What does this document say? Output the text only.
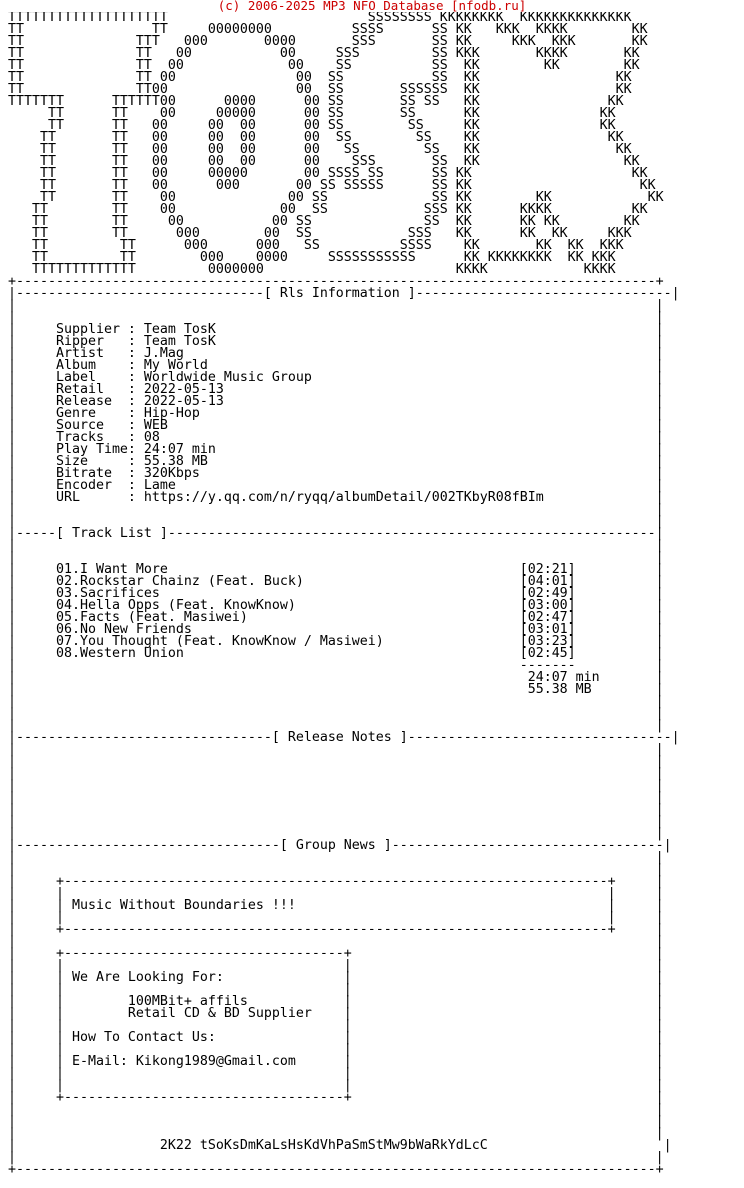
(c) 2006-2025 MP3 NFO Database [nfodb.ru]
TTTTTTTTTTTTTTTTTTTT                         SSSSSSSS KKKKKKKK  KKKKKKKKKKKKKK
TT                TT     00000000          SSSS      SS KK   KKK  KKKK        KK
TT              TTT   000       0000       SSS       SS KK     KKK  KKK       KK
TT              TT   00           00     SSS         SS KKK       KKKK       KK
TT              TT  00             00    SS          SS  KK        KK        KK
TT              TT 00               00  SS           SS  KK                 KK
TT              TT00                00  SS       SSSSSS  KK                 KK
TTTTTTT      TTTTTT00      0000      00 SS       SS SS   KK                KK
TT      TT    00     00000      00 SS       SS      KK               KK
TT      TT   00     00  00      00 SS        SS     KK               KK
TT       TT   00     00  00      00  SS        SS    KK                KK
TT       TT   00     00  00      00   SS        SS   KK                 KK
TT       TT   00     00  00      00    SSS       SS  KK                  KK
TT       TT   00     00000       00 SSSS SS      SS KK                    KK
TT       TT   00      000       00 SS SSSSS      SS KK                     KK
TT       TT    00              00 SS             SS KK        KK            KK
TT        TT    00             00  SS            SSS KK      KKKK          KK
TT        TT     00           00 SS              SS  KK      KK KK        KK
TT        TT      000        00  SS            SSS   KK      KK  KK     KKK
TT         TT      000      000   SS          SSSS    KK       KK  KK  KKK
TT         TT        000    0000     SSSSSSSSSSS      KK KKKKKKKK  KK KKK
TTTTTTTTTTTTT         0000000                        KKKK            KKKK
+--------------------------------------------------------------------------------+
|-------------------------------[ Rls Information ]--------------------------------|
|                                                                                |
|                                                                                |
|     Supplier : Team TosK                                                       |
|     Ripper   : Team TosK                                                       |
|     Artist   : J.Mag                                                           |
|     Album    : My World                                                        |
|     Label    : Worldwide Music Group                                           |
|     Retail   : 2022-05-13                                                      |
|     Release  : 2022-05-13                                                      |
|     Genre    : Hip-Hop                                                         |
|     Source   : WEB                                                             |
|     Tracks   : 08                                                              |
|     Play Time: 24:07 min                                                       |
|     Size     : 55.38 MB                                                        |
|     Bitrate  : 320Kbps                                                         |
|     Encoder  : Lame                                                            |
|     URL      : https://y.qq.com/n/ryqq/albumDetail/002TKbyR08fBIm              |
|                                                                                |
|                                                                                |
|-----[ Track List ]-------------------------------------------------------------|
|                                                                                |
|                                                                                |
|     01.I Want More                                            [02:21]          |
|     02.Rockstar Chainz (Feat. Buck)                           [04:01]          |
|     03.Sacrifices                                             [02:49]          |
|     04.Hella Opps (Feat. KnowKnow)                            [03:00]          |
|     05.Facts (Feat. Masiwei)                                  [02:47]          |
|     06.No New Friends                                         [03:01]          |
|     07.You Thought (Feat. KnowKnow / Masiwei)                 [03:23]          |
|     08.Western Union                                          [02:45]          |
|                                                               -------          |
|                                                                24:07 min       |
|                                                                55.38 MB        |
|                                                                                |
|                                                                                |
|                                                                                |
|--------------------------------[ Release Notes ]---------------------------------|
|                                                                                |
|                                                                                |
|                                                                                |
|                                                                                |
|                                                                                |
|                                                                                |
|                                                                                |
|                                                                                |
|---------------------------------[ Group News ]----------------------------------|
|                                                                                |
|                                                                                |
|     +--------------------------------------------------------------------+     |
|     |                                                                    |     |
|     | Music Without Boundaries !!!                                       |     |
|     |                                                                    |     |
|     +--------------------------------------------------------------------+     |
|                                                                                |
|     +-----------------------------------+                                      |
|     |                                   |                                      |
|     | We Are Looking For:               |                                      |
|     |                                   |                                      |
|     |        100MBit+ affils            |                                      |
|     |        Retail CD & BD Supplier    |                                      |
|     |                                   |                                      |
|     | How To Contact Us:                |                                      |
|     |                                   |                                      |
|     | E-Mail: Kikong1989@Gmail.com      |                                      |
|     |                                   |                                      |
|     |                                   |                                      |
|     +-----------------------------------+                                      |
|                                                                                |
|                                                                                |
|                                                                                |
|                  2K22 tSoKsDmKaLsHsKdVhPaSmStMw9bWaRkYdLcC                      |
|                                                                                |
+--------------------------------------------------------------------------------+
